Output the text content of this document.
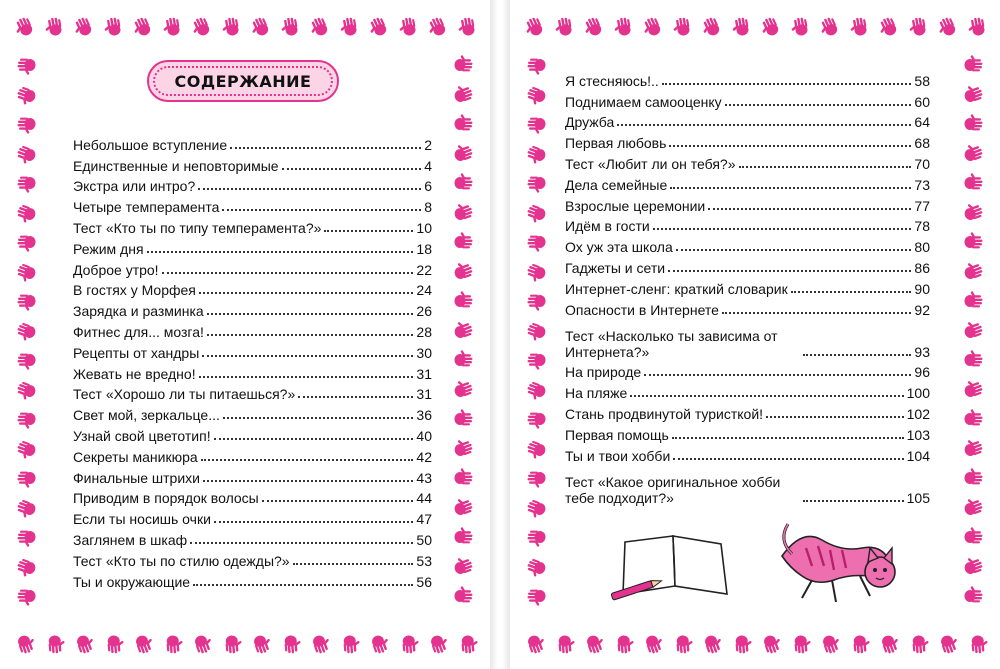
СОДЕРЖАНИЕ
Небольшое вступление	2
Единственные и неповторимые	4
Экстра или интро?	6
Четыре темперамента	8
Тест «Кто ты по типу темперамента?»	10
Режим дня	18
Доброе утро!	22
В гостях у Морфея	24
Зарядка и разминка	26
Фитнес для... мозга!	28
Рецепты от хандры	30
Жевать не вредно!	31
Тест «Хорошо ли ты питаешься?»	31
Свет мой, зеркальце...	36
Узнай свой цветотип!	40
Секреты маникюра	42
Финальные штрихи	43
Приводим в порядок волосы	44
Если ты носишь очки	47
Заглянем в шкаф	50
Тест «Кто ты по стилю одежды?»	53
Ты и окружающие	56
Я стесняюсь!..	58
Поднимаем самооценку	60
Дружба	64
Первая любовь	68
Тест «Любит ли он тебя?»	70
Дела семейные	73
Взрослые церемонии	77
Идём в гости	78
Ох уж эта школа	80
Гаджеты и сети	86
Интернет-сленг: краткий словарик	90
Опасности в Интернете	92
Тест «Насколько ты зависима от Интернета?»	93
На природе	96
На пляже	100
Стань продвинутой туристкой!	102
Первая помощь	103
Ты и твои хобби	104
Тест «Какое оригинальное хобби тебе подходит?»	105
